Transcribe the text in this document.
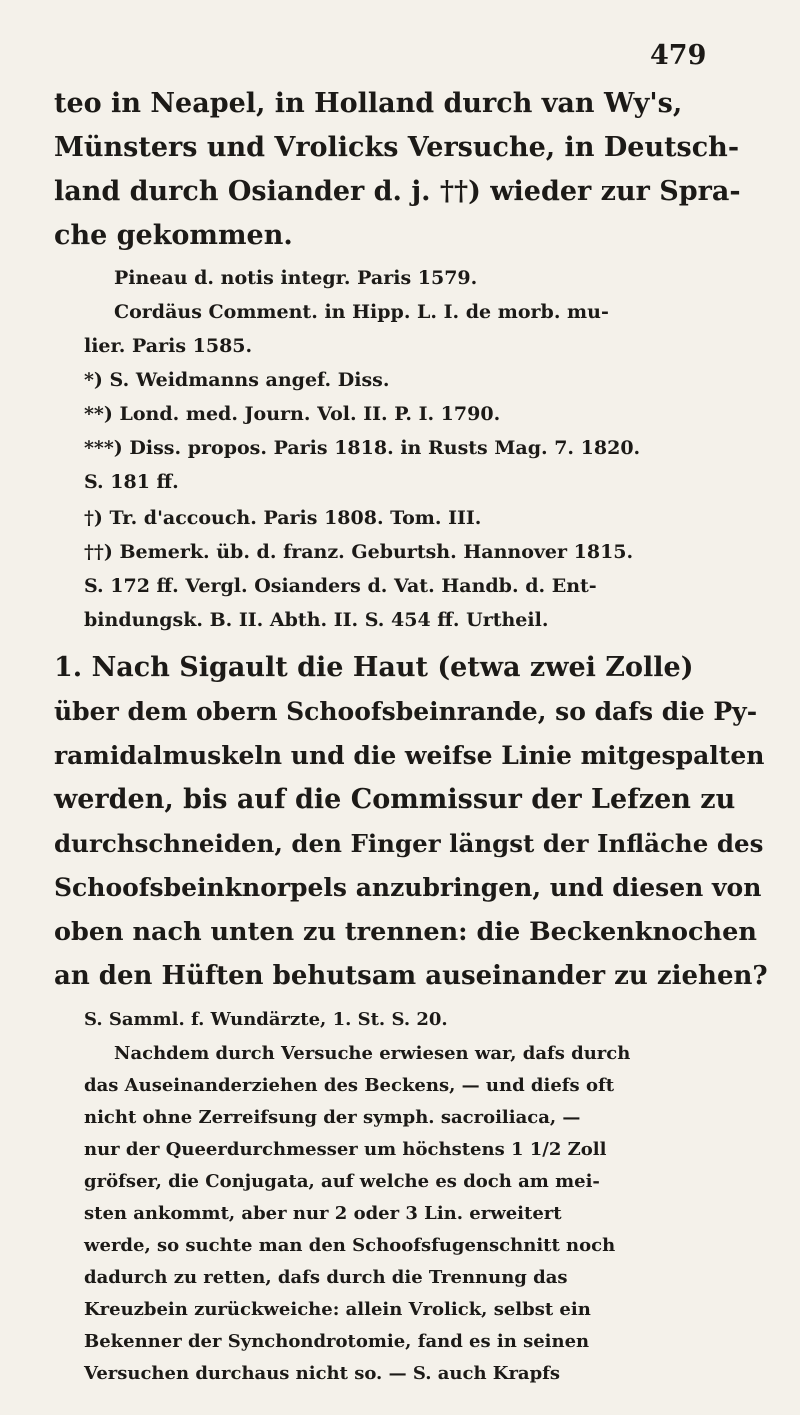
479
teo in Neapel, in Holland durch van Wy's,
Münsters und Vrolicks Versuche, in Deutsch-
land durch Osiander d. j. ††) wieder zur Spra-
che gekommen.
Pineau d. notis integr. Paris 1579.
Cordäus Comment. in Hipp. L. I. de morb. mu-
lier. Paris 1585.
*) S. Weidmanns angef. Diss.
**) Lond. med. Journ. Vol. II. P. I. 1790.
***) Diss. propos. Paris 1818. in Rusts Mag. 7. 1820.
S. 181 ff.
†) Tr. d'accouch. Paris 1808. Tom. III.
††) Bemerk. üb. d. franz. Geburtsh. Hannover 1815.
S. 172 ff. Vergl. Osianders d. Vat. Handb. d. Ent-
bindungsk. B. II. Abth. II. S. 454 ff. Urtheil.
1. Nach Sigault die Haut (etwa zwei Zolle)
über dem obern Schoofsbeinrande, so dafs die Py-
ramidalmuskeln und die weifse Linie mitgespalten
werden, bis auf die Commissur der Lefzen zu
durchschneiden, den Finger längst der Infläche des
Schoofsbeinknorpels anzubringen, und diesen von
oben nach unten zu trennen: die Beckenknochen
an den Hüften behutsam auseinander zu ziehen?
S. Samml. f. Wundärzte, 1. St. S. 20.
Nachdem durch Versuche erwiesen war, dafs durch
das Auseinanderziehen des Beckens, — und diefs oft
nicht ohne Zerreifsung der symph. sacroiliaca, —
nur der Queerdurchmesser um höchstens 1 1/2 Zoll
gröfser, die Conjugata, auf welche es doch am mei-
sten ankommt, aber nur 2 oder 3 Lin. erweitert
werde, so suchte man den Schoofsfugenschnitt noch
dadurch zu retten, dafs durch die Trennung das
Kreuzbein zurückweiche: allein Vrolick, selbst ein
Bekenner der Synchondrotomie, fand es in seinen
Versuchen durchaus nicht so. — S. auch Krapfs
